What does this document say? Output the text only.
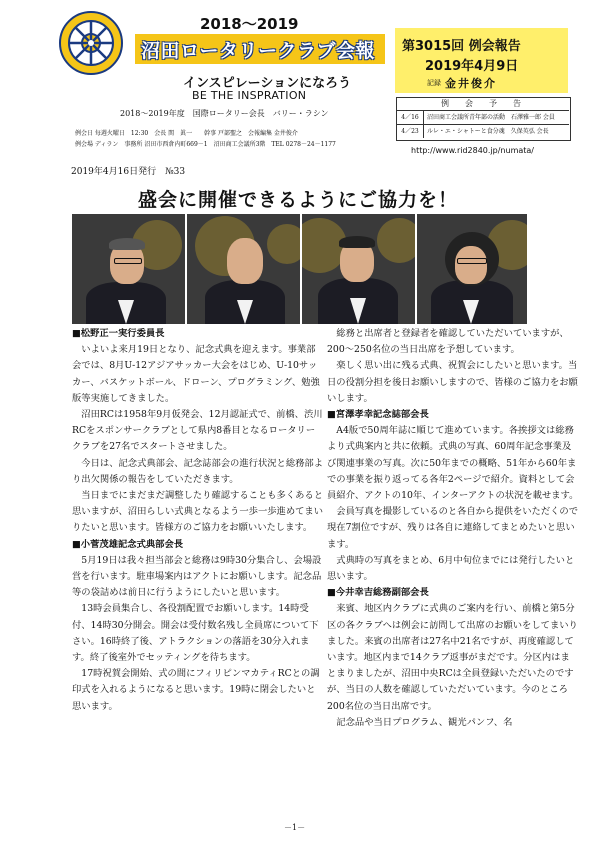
2018～2019
沼田ロータリークラブ会報
インスピレーションになろう
BE THE INSPRATION
第3015回 例会報告
2019年4月9日
記録 金井俊介
2018～2019年度　国際ロータリー会長　バリー・ラシン
例会日 每週火曜日　12:30　会長 関　眞一　　幹事 戸部聖之　会報編集 金井俊介
例会場 ディラン　事務所 沼田市西倉内町669－1　沼田商工会議所3階　TEL 0278－24－1177
例　会　予　告
4／16 沼田商工会議所青年部の活動　石澤雅一郎 会員
4／23 ルレ・エ・シャトーと食分魂　久保英弘 会長
http://www.rid2840.jp/numata/
2019年4月16日発行　№33
盛会に開催できるようにご協力を！
■ 松野正一実行委員長

いよいよ来月19日となり、記念式典を迎えます。事業部会では、8月U-12アジアサッカー大会をはじめ、U-10サッカー、バスケットボール、ドローン、プログラミング、勉強版等実施してきました。

沼田RCは1958年9月仮発会、12月認証式で、前橋、渋川RCをスポンサークラブとして県内8番目となるロータリークラブを27名でスタートさせました。

今日は、記念式典部会、記念誌部会の進行状況と総務部より出欠関係の報告をしていただきます。

当日までにまだまだ調整したり確認することも多くあると思いますが、沼田らしい式典となるよう一歩一歩進めてまいりたいと思います。皆様方のご協力をお願いいたします。

■ 小菅茂雄記念式典部会長

5月19日は我々担当部会と総務は9時30分集合し、会場設営を行います。駐車場案内はアクトにお願いします。記念品等の袋詰めは前日に行うようにしたいと思います。

13時会員集合し、各役割配置でお願いします。14時受付、14時30分開会。開会は受付数名残し全員席について下さい。16時終了後、アトラクションの落語を30分入れます。終了後室外でセッティングを待ちます。

17時祝賀会開始、式の間にフィリピンマカティRCとの調印式を入れるようになると思います。19時に閉会したいと思います。

総務と出席者と登録者を確認していただいていますが、200～250名位の当日出席を予想しています。

楽しく思い出に残る式典、祝賀会にしたいと思います。当日の役割分担を後日お願いしますので、皆様のご協力をお願いします。

■ 宮澤孝幸記念誌部会長

A4版で50周年誌に順じて進めています。各挨拶文は総務より式典案内と共に依頼。式典の写真、60周年記念事業及び関連事業の写真。次に50年までの概略、51年から60年までの事業を振り返ってる各年2ページで紹介。資料として会員紹介、アクトの10年、インターアクトの状況を載せます。

会員写真を撮影しているのと各自から提供をいただくので現在7割位ですが、残りは各自に連絡してまとめたいと思います。

式典時の写真をまとめ、6月中旬位までには発行したいと思います。

■ 今井幸吉総務副部会長

来賓、地区内クラブに式典のご案内を行い、前橋と第5分区の各クラブへは例会に訪問して出席のお願いをしてまいりました。来賓の出席者は27名中21名ですが、再度確認しています。地区内まで14クラブ返事がまだです。分区内はまとまりましたが、沼田中央RCは全員登録いただいたのですが、当日の人数を確認していただいています。今のところ200名位の当日出席です。

記念品や当日プログラム、観光パンフ、名

－1－
